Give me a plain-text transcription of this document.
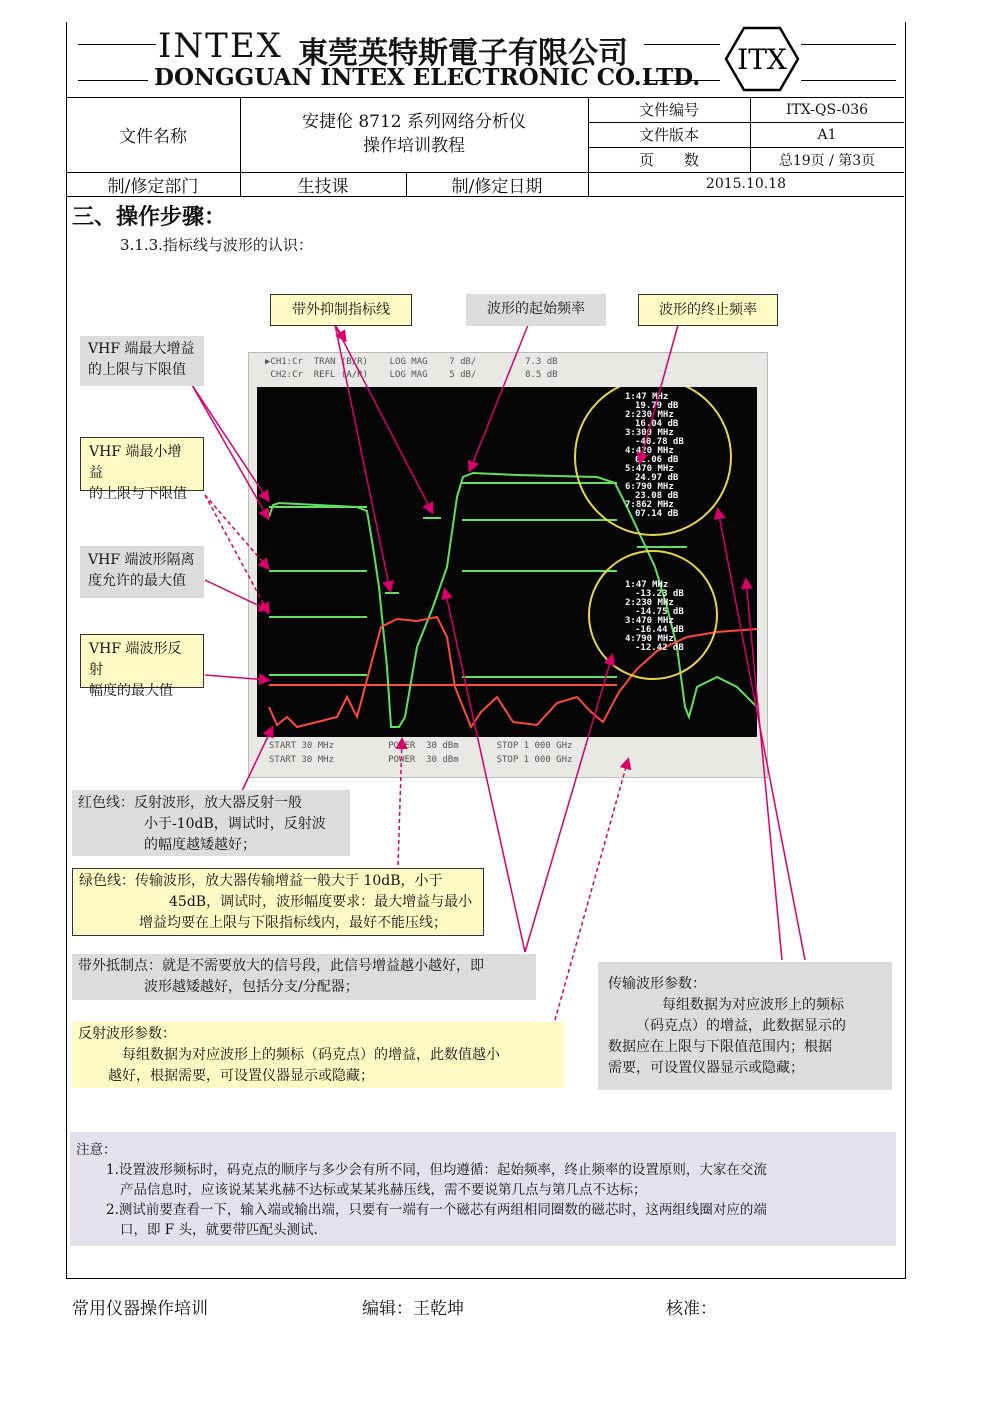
INTEX 東莞英特斯電子有限公司
DONGGUAN INTEX ELECTRONIC CO.LTD.
ITX
文件名称
安捷伦 8712 系列网络分析仪
操作培训教程
文件编号	ITX-QS-036
文件版本	A1
页　　数	总19页 / 第3页
制/修定部门	生技课	制/修定日期	2015.10.18
三、操作步骤：
3.1.3.指标线与波形的认识：
▶CH1:Cr  TRAN (B/R)    LOG MAG    7 dB/         7.3 dB
CH2:Cr  REFL (A/R)    LOG MAG    5 dB/         8.5 dB
START 30 MHz          POWER  30 dBm       STOP 1 000 GHz
START 30 MHz          POWER  30 dBm       STOP 1 000 GHz
1:47 MHz
19.79 dB
2:230 MHz
16.04 dB
3:300 MHz
-40.78 dB
4:420 MHz
02.06 dB
5:470 MHz
24.97 dB
6:790 MHz
23.08 dB
7:862 MHz
07.14 dB
1:47 MHz
-13.23 dB
2:230 MHz
-14.75 dB
3:470 MHz
-16.44 dB
4:790 MHz
-12.42 dB
带外抑制指标线	波形的起始频率	波形的终止频率
VHF 端最大增益
的上限与下限值
VHF 端最小增益
的上限与下限值
VHF 端波形隔离
度允许的最大值
VHF 端波形反射
幅度的最大值
红色线：反射波形，放大器反射一般
小于-10dB，调试时，反射波
的幅度越矮越好；
绿色线：传输波形，放大器传输增益一般大于 10dB，小于
45dB，调试时，波形幅度要求：最大增益与最小
增益均要在上限与下限指标线内，最好不能压线；
带外抵制点：就是不需要放大的信号段，此信号增益越小越好，即
波形越矮越好，包括分支/分配器；
反射波形参数：
每组数据为对应波形上的频标（码克点）的增益，此数值越小
越好，根据需要，可设置仪器显示或隐藏；
传输波形参数：
每组数据为对应波形上的频标
（码克点）的增益，此数据显示的
数据应在上限与下限值范围内；根据
需要，可设置仪器显示或隐藏；
注意：
1.设置波形频标时，码克点的顺序与多少会有所不同，但均遵循：起始频率，终止频率的设置原则，大家在交流
产品信息时，应该说某某兆赫不达标或某某兆赫压线，需不要说第几点与第几点不达标；
2.测试前要查看一下，输入端或输出端，只要有一端有一个磁芯有两组相同圈数的磁芯时，这两组线圈对应的端
口，即 F 头，就要带匹配头测试.
常用仪器操作培训	编辑：王乾坤	核准：
